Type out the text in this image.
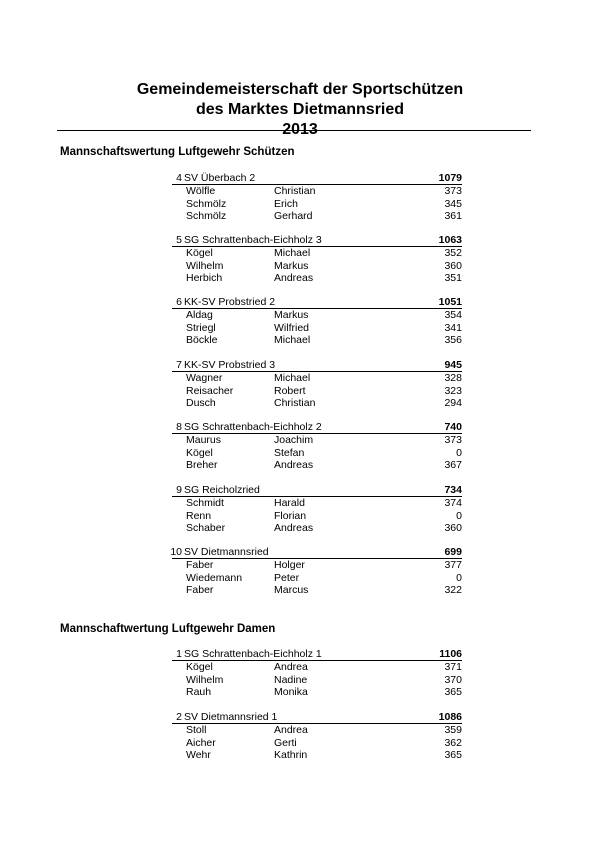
Gemeindemeisterschaft der Sportschützen
des Marktes Dietmannsried
2013
Mannschaftswertung Luftgewehr Schützen
4 SV Überbach 2	1079
Wölfle	Christian	373
Schmölz	Erich	345
Schmölz	Gerhard	361
5 SG Schrattenbach-Eichholz 3	1063
Kögel	Michael	352
Wilhelm	Markus	360
Herbich	Andreas	351
6 KK-SV Probstried 2	1051
Aldag	Markus	354
Striegl	Wilfried	341
Böckle	Michael	356
7 KK-SV Probstried 3	945
Wagner	Michael	328
Reisacher	Robert	323
Dusch	Christian	294
8 SG Schrattenbach-Eichholz 2	740
Maurus	Joachim	373
Kögel	Stefan	0
Breher	Andreas	367
9 SG Reicholzried	734
Schmidt	Harald	374
Renn	Florian	0
Schaber	Andreas	360
10 SV Dietmannsried	699
Faber	Holger	377
Wiedemann	Peter	0
Faber	Marcus	322
Mannschaftwertung Luftgewehr Damen
1 SG Schrattenbach-Eichholz 1	1106
Kögel	Andrea	371
Wilhelm	Nadine	370
Rauh	Monika	365
2 SV Dietmannsried 1	1086
Stoll	Andrea	359
Aicher	Gerti	362
Wehr	Kathrin	365
